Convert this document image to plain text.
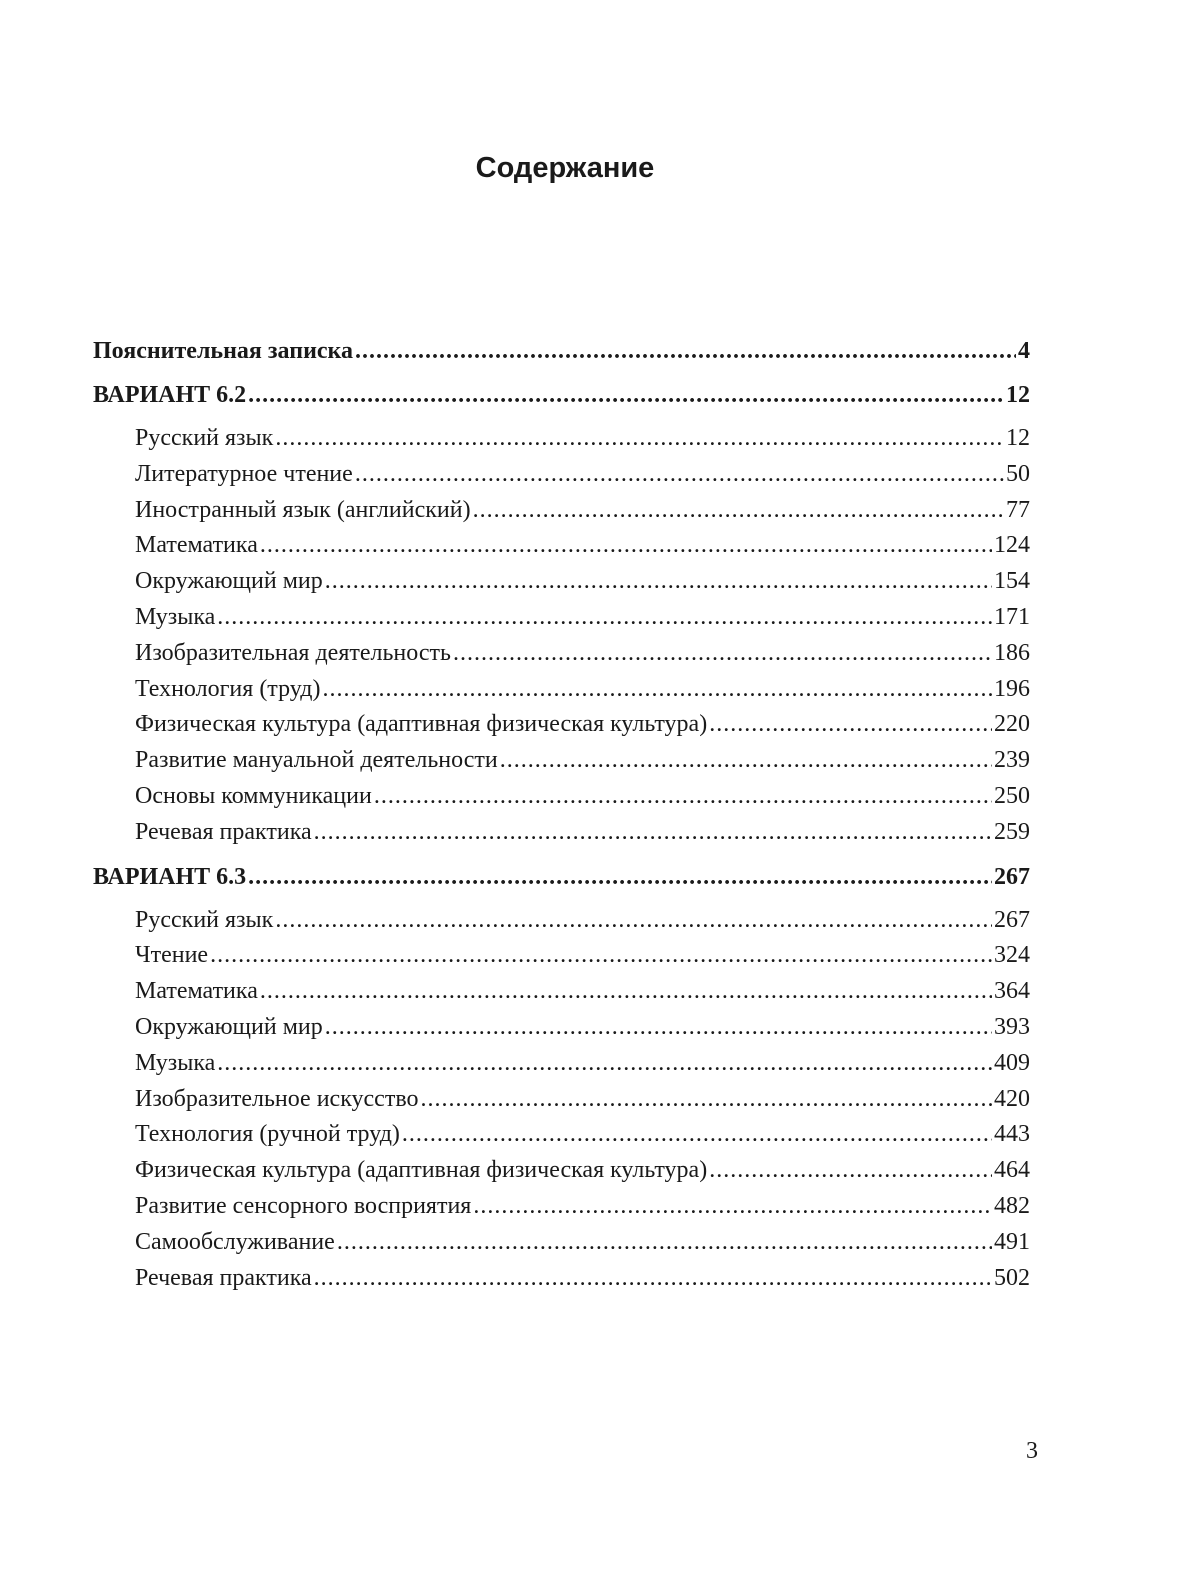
Содержание
Пояснительная записка .....	4
ВАРИАНТ 6.2 .....	12
Русский язык .....	12
Литературное чтение .....	50
Иностранный язык (английский) .....	77
Математика .....	124
Окружающий мир .....	154
Музыка .....	171
Изобразительная деятельность .....	186
Технология (труд) .....	196
Физическая культура (адаптивная физическая культура) .....	220
Развитие мануальной деятельности .....	239
Основы коммуникации .....	250
Речевая практика .....	259
ВАРИАНТ 6.3 .....	267
Русский язык .....	267
Чтение .....	324
Математика .....	364
Окружающий мир .....	393
Музыка .....	409
Изобразительное искусство .....	420
Технология (ручной труд) .....	443
Физическая культура (адаптивная физическая культура) .....	464
Развитие сенсорного восприятия .....	482
Самообслуживание .....	491
Речевая практика .....	502
3
